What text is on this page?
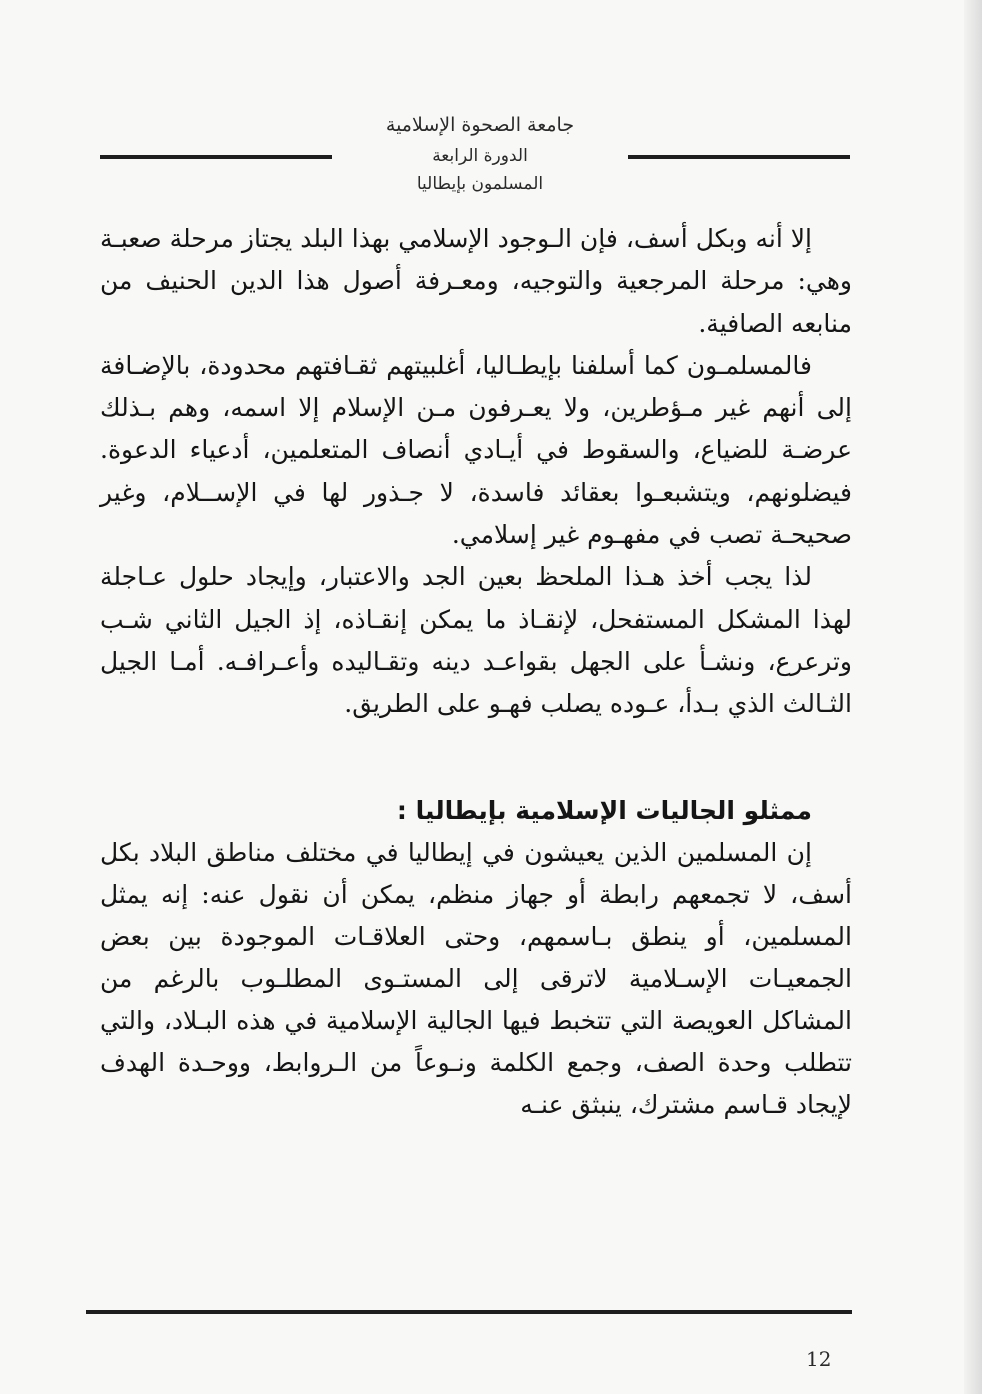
جامعة الصحوة الإسلامية
الدورة الرابعة
المسلمون بإيطاليا

إلا أنه وبكل أسف، فإن الـوجود الإسلامي بهذا البلد يجتاز مرحلة صعبـة وهي: مرحلة المرجعية والتوجيه، ومعـرفة أصول هذا الدين الحنيف من منابعه الصافية.

فالمسلمـون كما أسلفنا بإيطـاليا، أغلبيتهم ثقـافتهم محدودة، بالإضـافة إلى أنهم غير مـؤطرين، ولا يعـرفون مـن الإسلام إلا اسمه، وهم بـذلك عرضـة للضياع، والسقوط في أيـادي أنصاف المتعلمين، أدعياء الدعوة. فيضلونهم، ويتشبعـوا بعقائد فاسدة، لا جـذور لها في الإســلام، وغير صحيحـة تصب في مفهـوم غير إسلامي.

لذا يجب أخذ هـذا الملحظ بعين الجد والاعتبار، وإيجاد حلول عـاجلة لهذا المشكل المستفحل، لإنقـاذ ما يمكن إنقـاذه، إذ الجيل الثاني شـب وترعرع، ونشـأ على الجهل بقواعـد دينه وتقـاليده وأعـرافـه. أمـا الجيل الثـالث الذي بـدأ، عـوده يصلب فهـو على الطريق.

ممثلو الجاليات الإسلامية بإيطاليا :

إن المسلمين الذين يعيشون في إيطاليا في مختلف مناطق البلاد بكل أسف، لا تجمعهم رابطة أو جهاز منظم، يمكن أن نقول عنه: إنه يمثل المسلمين، أو ينطق بـاسمهم، وحتى العلاقـات الموجودة بين بعض الجمعيـات الإسـلامية لاترقى إلى المستـوى المطلـوب بالرغم من المشاكل العويصة التي تتخبط فيها الجالية الإسلامية في هذه البـلاد، والتي تتطلب وحدة الصف، وجمع الكلمة ونـوعاً من الـروابط، ووحـدة الهدف لإيجاد قـاسم مشترك، ينبثق عنـه

12
